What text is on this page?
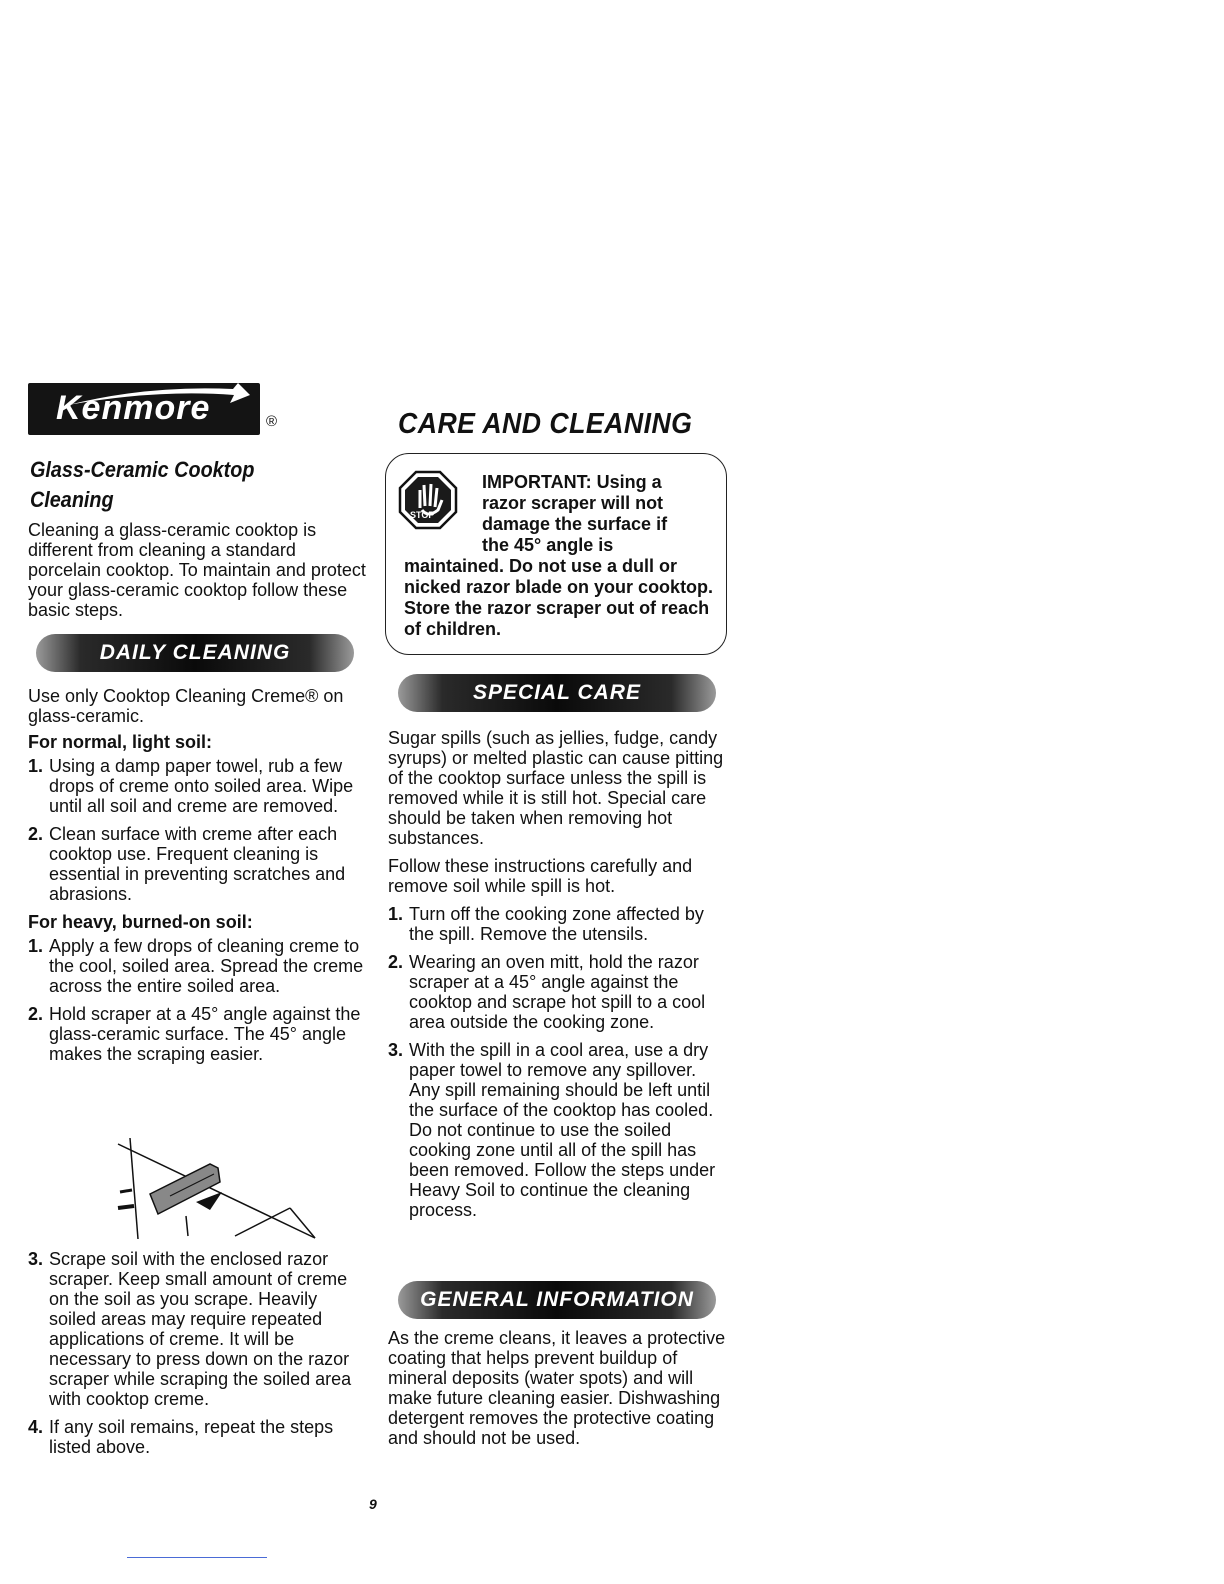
Kenmore	®	CARE AND CLEANING
Glass-Ceramic Cooktop
Cleaning
Cleaning a glass-ceramic cooktop is different from cleaning a standard porcelain cooktop. To maintain and protect your glass-ceramic cooktop follow these basic steps.
DAILY CLEANING
Use only Cooktop Cleaning Creme® on glass-ceramic.
For normal, light soil:
1. Using a damp paper towel, rub a few drops of creme onto soiled area. Wipe until all soil and creme are removed.
2. Clean surface with creme after each cooktop use. Frequent cleaning is essential in preventing scratches and abrasions.
For heavy, burned-on soil:
1. Apply a few drops of cleaning creme to the cool, soiled area. Spread the creme across the entire soiled area.
2. Hold scraper at a 45° angle against the glass-ceramic surface. The 45° angle makes the scraping easier.
3. Scrape soil with the enclosed razor scraper. Keep small amount of creme on the soil as you scrape. Heavily soiled areas may require repeated applications of creme. It will be necessary to press down on the razor scraper while scraping the soiled area with cooktop creme.
4. If any soil remains, repeat the steps listed above.
STOP
IMPORTANT: Using a
razor scraper will not
damage the surface if
the 45° angle is
maintained. Do not use a dull or nicked razor blade on your cooktop. Store the razor scraper out of reach of children.
SPECIAL CARE

Sugar spills (such as jellies, fudge, candy syrups) or melted plastic can cause pitting of the cooktop surface unless the spill is removed while it is still hot. Special care should be taken when removing hot substances.

Follow these instructions carefully and remove soil while spill is hot.

1. Turn off the cooking zone affected by the spill. Remove the utensils.
2. Wearing an oven mitt, hold the razor scraper at a 45° angle against the cooktop and scrape hot spill to a cool area outside the cooking zone.
3. With the spill in a cool area, use a dry paper towel to remove any spillover. Any spill remaining should be left until the surface of the cooktop has cooled. Do not continue to use the soiled cooking zone until all of the spill has been removed. Follow the steps under Heavy Soil to continue the cleaning process.
GENERAL INFORMATION
As the creme cleans, it leaves a protective coating that helps prevent buildup of mineral deposits (water spots) and will make future cleaning easier. Dishwashing detergent removes the protective coating and should not be used.
9
